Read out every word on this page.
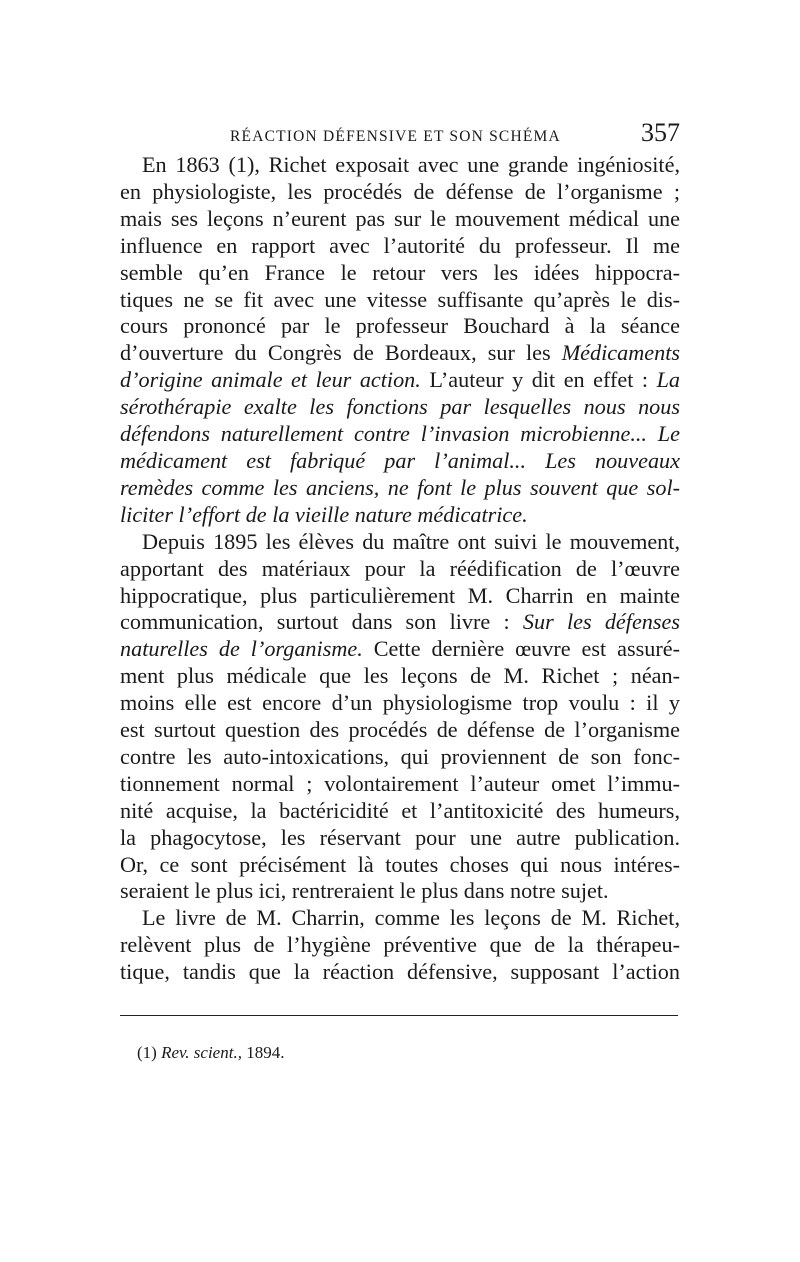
RÉACTION DÉFENSIVE ET SON SCHÉMA	357

En 1863 (1), Richet exposait avec une grande ingéniosité,
en physiologiste, les procédés de défense de l’organisme ;
mais ses leçons n’eurent pas sur le mouvement médical une
influence en rapport avec l’autorité du professeur. Il me
semble qu’en France le retour vers les idées hippocra-
tiques ne se fit avec une vitesse suffisante qu’après le dis-
cours prononcé par le professeur Bouchard à la séance
d’ouverture du Congrès de Bordeaux, sur les Médicaments
d’origine animale et leur action. L’auteur y dit en effet : La
sérothérapie exalte les fonctions par lesquelles nous nous
défendons naturellement contre l’invasion microbienne... Le
médicament est fabriqué par l’animal... Les nouveaux
remèdes comme les anciens, ne font le plus souvent que sol-
liciter l’effort de la vieille nature médicatrice.

Depuis 1895 les élèves du maître ont suivi le mouvement,
apportant des matériaux pour la réédification de l’œuvre
hippocratique, plus particulièrement M. Charrin en mainte
communication, surtout dans son livre : Sur les défenses
naturelles de l’organisme. Cette dernière œuvre est assuré-
ment plus médicale que les leçons de M. Richet ; néan-
moins elle est encore d’un physiologisme trop voulu : il y
est surtout question des procédés de défense de l’organisme
contre les auto-intoxications, qui proviennent de son fonc-
tionnement normal ; volontairement l’auteur omet l’immu-
nité acquise, la bactéricidité et l’antitoxicité des humeurs,
la phagocytose, les réservant pour une autre publication.
Or, ce sont précisément là toutes choses qui nous intéres-
seraient le plus ici, rentreraient le plus dans notre sujet.

Le livre de M. Charrin, comme les leçons de M. Richet,
relèvent plus de l’hygiène préventive que de la thérapeu-
tique, tandis que la réaction défensive, supposant l’action

(1) Rev. scient., 1894.
